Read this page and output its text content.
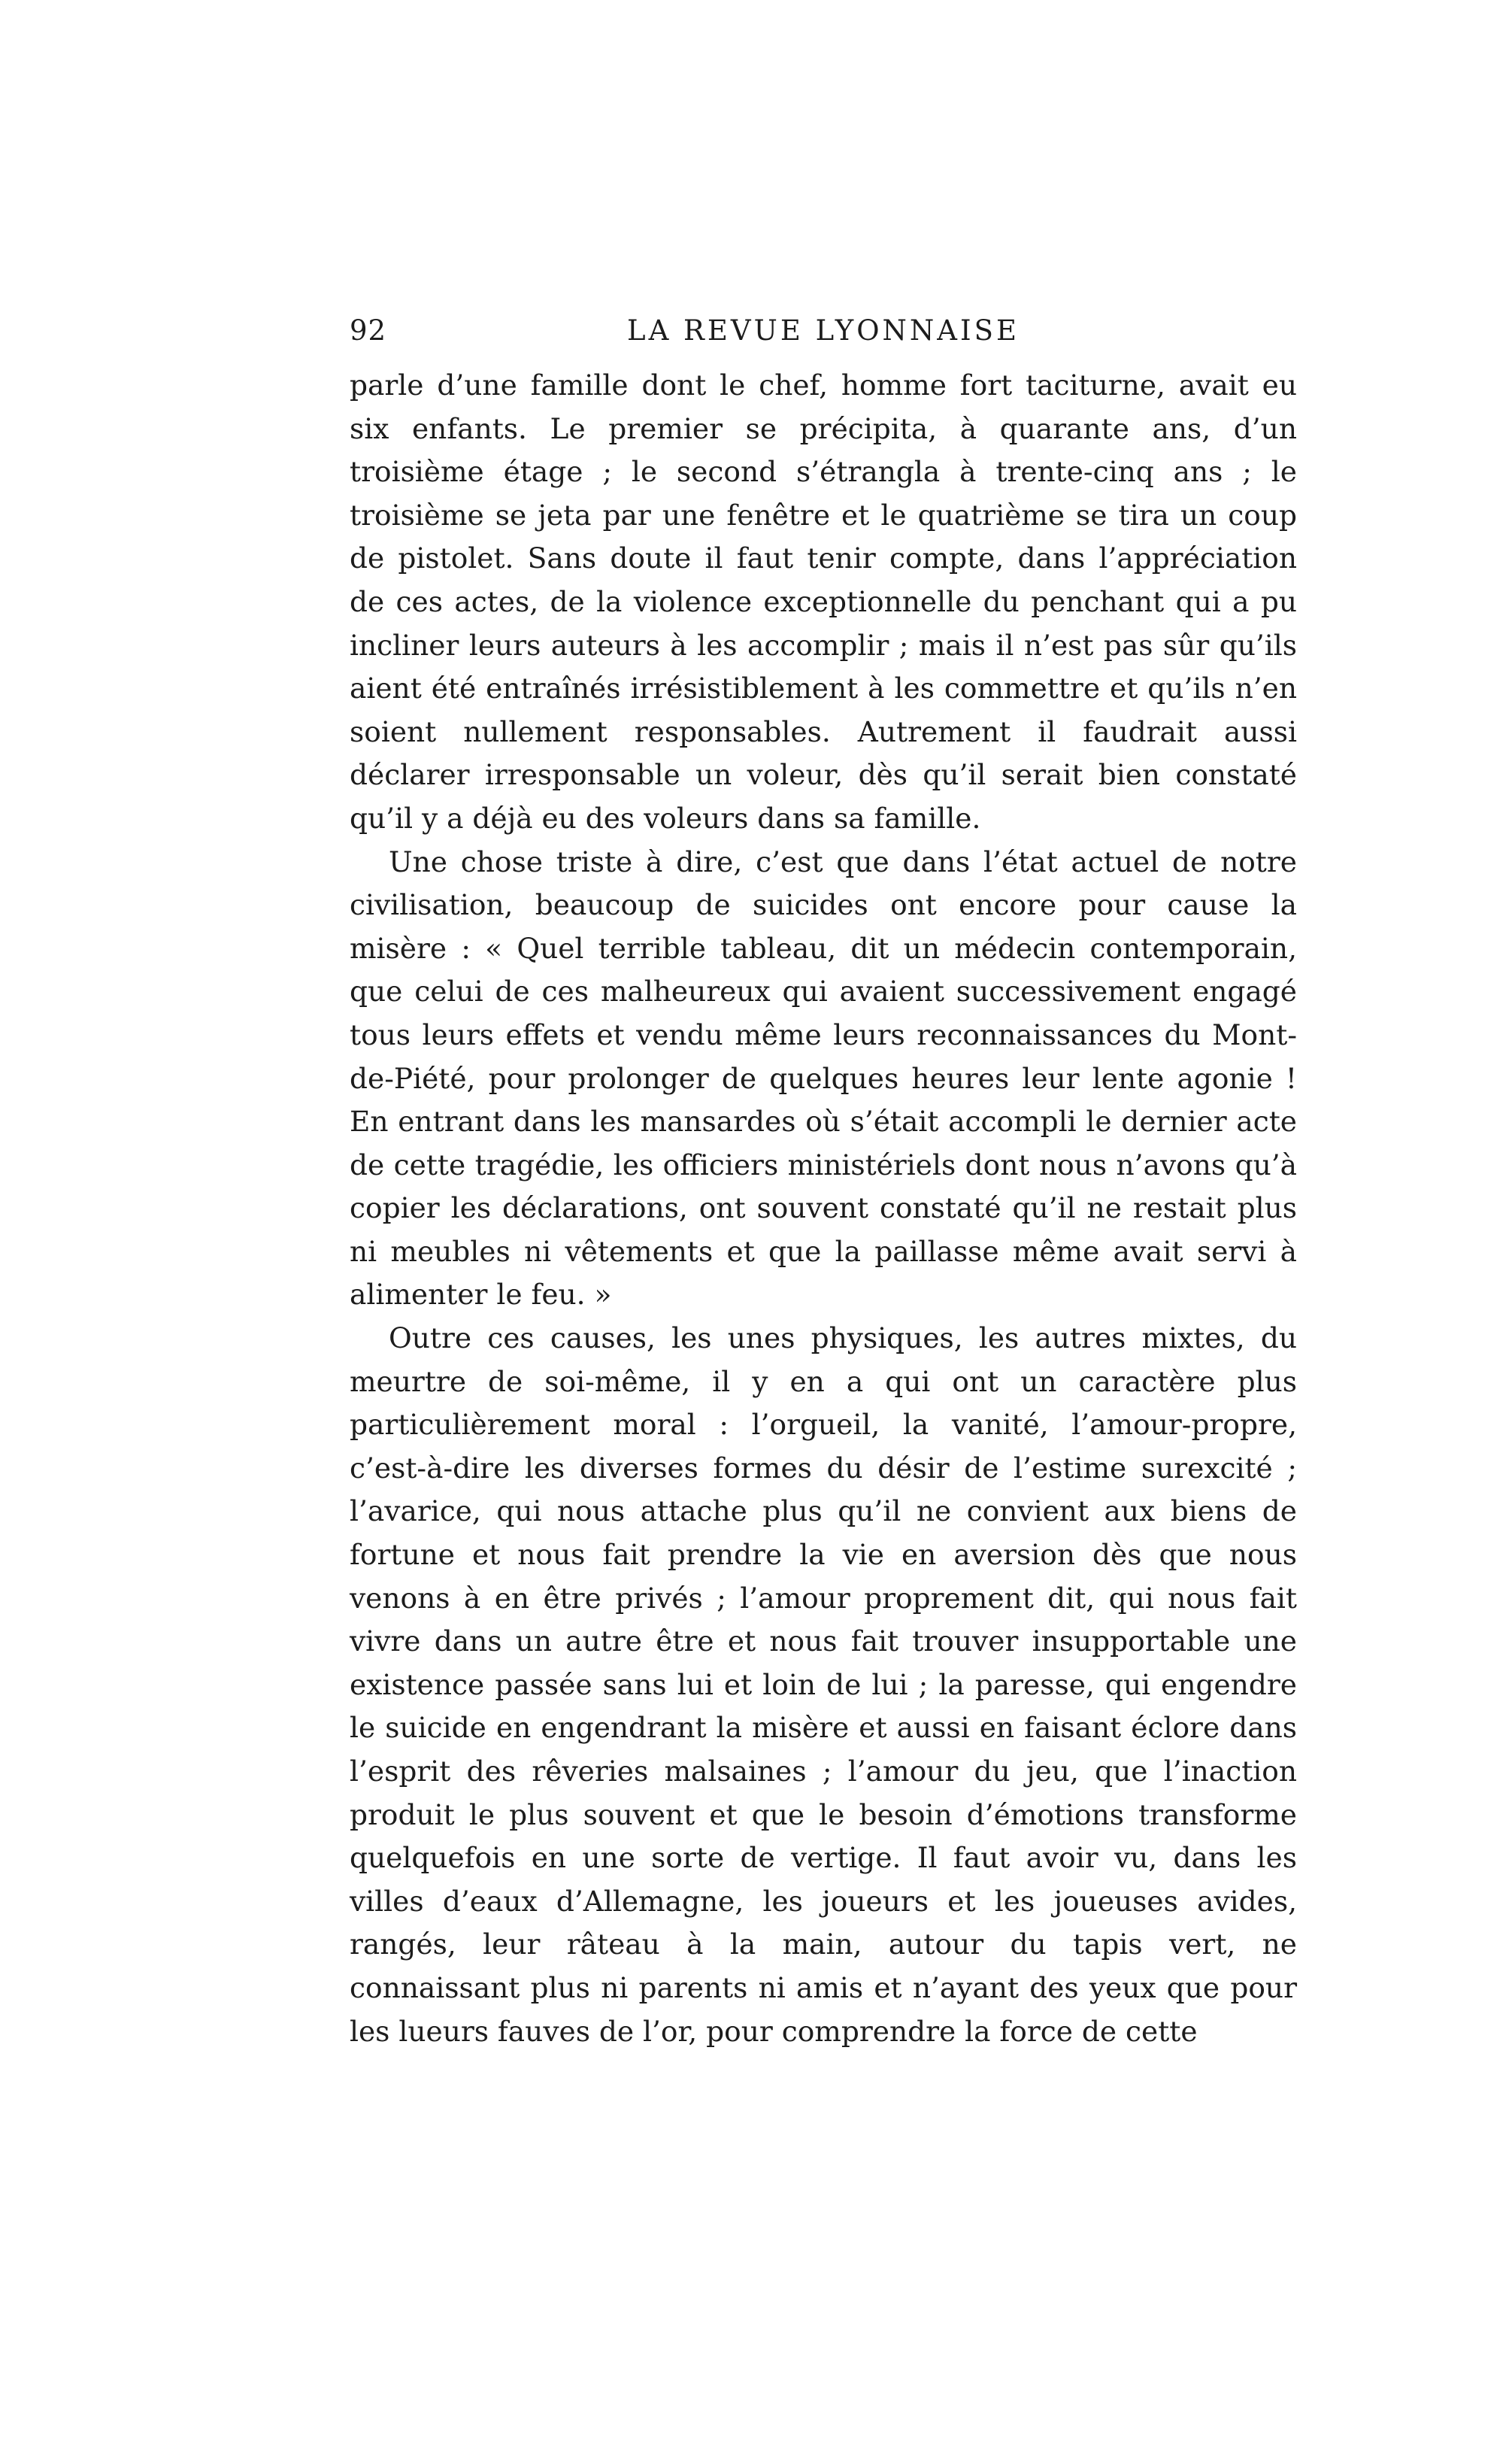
92	LA REVUE LYONNAISE

parle d’une famille dont le chef, homme fort taciturne, avait eu six enfants. Le premier se précipita, à quarante ans, d’un troisième étage ; le second s’étrangla à trente-cinq ans ; le troisième se jeta par une fenêtre et le quatrième se tira un coup de pistolet. Sans doute il faut tenir compte, dans l’appréciation de ces actes, de la violence exceptionnelle du penchant qui a pu incliner leurs auteurs à les accomplir ; mais il n’est pas sûr qu’ils aient été entraînés irrésistiblement à les commettre et qu’ils n’en soient nullement responsables. Autrement il faudrait aussi déclarer irresponsable un voleur, dès qu’il serait bien constaté qu’il y a déjà eu des voleurs dans sa famille.

Une chose triste à dire, c’est que dans l’état actuel de notre civilisation, beaucoup de suicides ont encore pour cause la misère : « Quel terrible tableau, dit un médecin contemporain, que celui de ces malheureux qui avaient successivement engagé tous leurs effets et vendu même leurs reconnaissances du Mont-de-Piété, pour prolonger de quelques heures leur lente agonie ! En entrant dans les mansardes où s’était accompli le dernier acte de cette tragédie, les officiers ministériels dont nous n’avons qu’à copier les déclarations, ont souvent constaté qu’il ne restait plus ni meubles ni vêtements et que la paillasse même avait servi à alimenter le feu. »

Outre ces causes, les unes physiques, les autres mixtes, du meurtre de soi-même, il y en a qui ont un caractère plus particulièrement moral : l’orgueil, la vanité, l’amour-propre, c’est-à-dire les diverses formes du désir de l’estime surexcité ; l’avarice, qui nous attache plus qu’il ne convient aux biens de fortune et nous fait prendre la vie en aversion dès que nous venons à en être privés ; l’amour proprement dit, qui nous fait vivre dans un autre être et nous fait trouver insupportable une existence passée sans lui et loin de lui ; la paresse, qui engendre le suicide en engendrant la misère et aussi en faisant éclore dans l’esprit des rêveries malsaines ; l’amour du jeu, que l’inaction produit le plus souvent et que le besoin d’émotions transforme quelquefois en une sorte de vertige. Il faut avoir vu, dans les villes d’eaux d’Allemagne, les joueurs et les joueuses avides, rangés, leur râteau à la main, autour du tapis vert, ne connaissant plus ni parents ni amis et n’ayant des yeux que pour les lueurs fauves de l’or, pour comprendre la force de cette
